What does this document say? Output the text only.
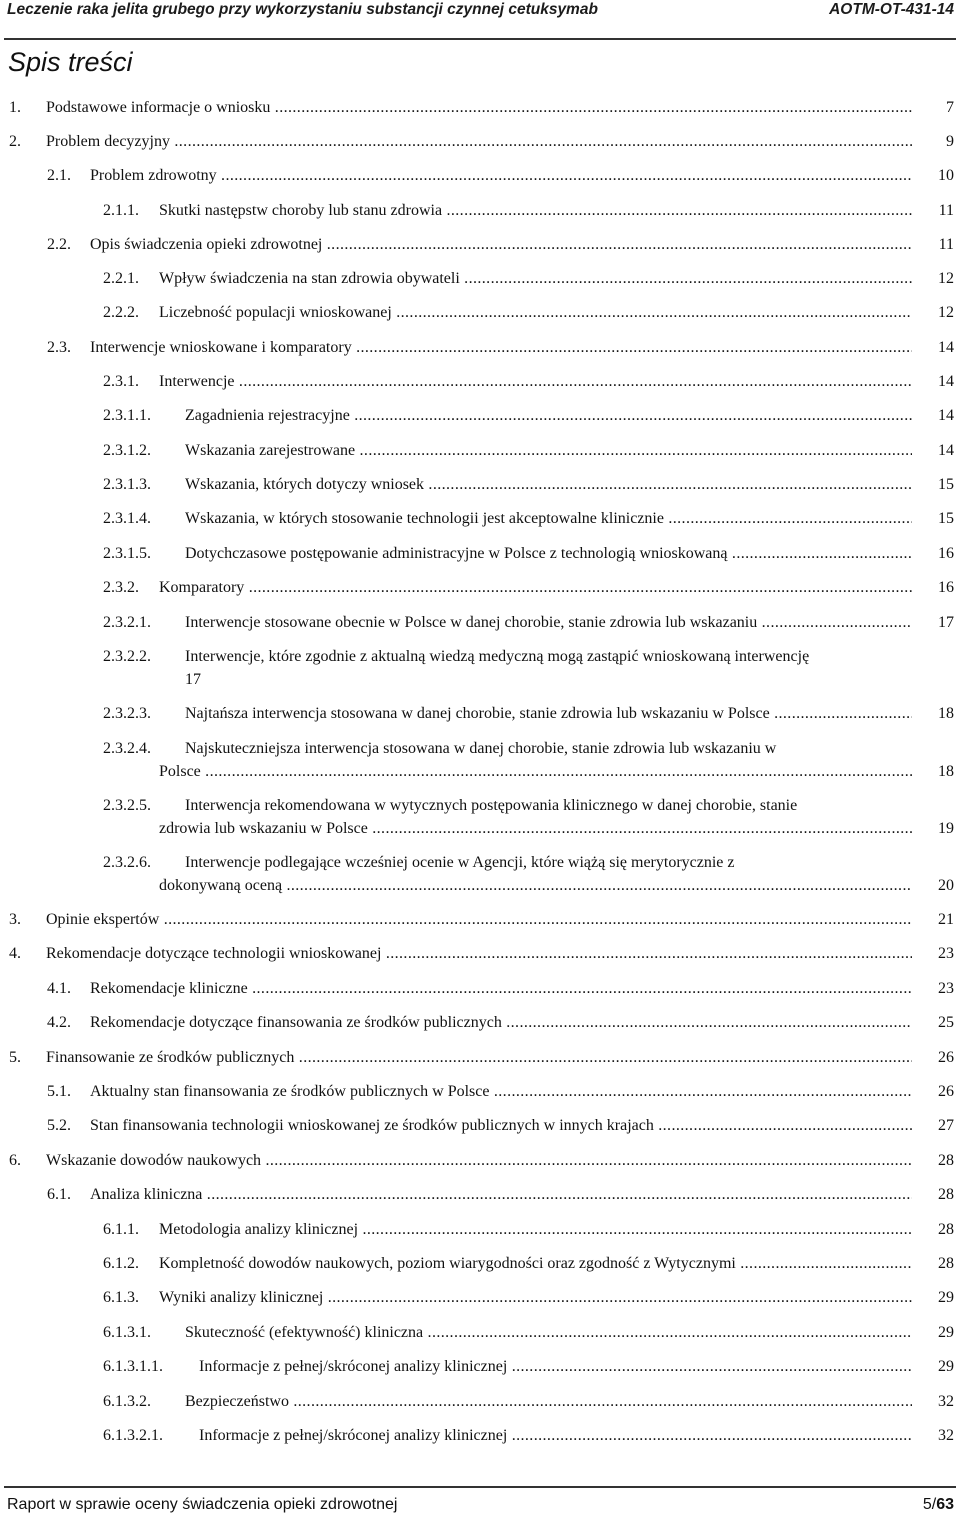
Leczenie raka jelita grubego przy wykorzystaniu substancji czynnej cetuksymab	AOTM-OT-431-14
Spis treści
1. Podstawowe informacje o wniosku .....	7
2. Problem decyzyjny .....	9
2.1. Problem zdrowotny .....	10
2.1.1. Skutki następstw choroby lub stanu zdrowia .....	11
2.2. Opis świadczenia opieki zdrowotnej .....	11
2.2.1. Wpływ świadczenia na stan zdrowia obywateli .....	12
2.2.2. Liczebność populacji wnioskowanej .....	12
2.3. Interwencje wnioskowane i komparatory .....	14
2.3.1. Interwencje .....	14
2.3.1.1. Zagadnienia rejestracyjne .....	14
2.3.1.2. Wskazania zarejestrowane .....	14
2.3.1.3. Wskazania, których dotyczy wniosek .....	15
2.3.1.4. Wskazania, w których stosowanie technologii jest akceptowalne klinicznie .....	15
2.3.1.5. Dotychczasowe postępowanie administracyjne w Polsce z technologią wnioskowaną .....	16
2.3.2. Komparatory .....	16
2.3.2.1. Interwencje stosowane obecnie w Polsce w danej chorobie, stanie zdrowia lub wskazaniu .....	17
2.3.2.2. Interwencje, które zgodnie z aktualną wiedzą medyczną mogą zastąpić wnioskowaną interwencję
17
2.3.2.3. Najtańsza interwencja stosowana w danej chorobie, stanie zdrowia lub wskazaniu w Polsce .....	18
2.3.2.4. Najskuteczniejsza interwencja stosowana w danej chorobie, stanie zdrowia lub wskazaniu w
Polsce .....	18
2.3.2.5. Interwencja rekomendowana w wytycznych postępowania klinicznego w danej chorobie, stanie
zdrowia lub wskazaniu w Polsce .....	19
2.3.2.6. Interwencje podlegające wcześniej ocenie w Agencji, które wiążą się merytorycznie z
dokonywaną oceną .....	20
3. Opinie ekspertów .....	21
4. Rekomendacje dotyczące technologii wnioskowanej .....	23
4.1. Rekomendacje kliniczne .....	23
4.2. Rekomendacje dotyczące finansowania ze środków publicznych .....	25
5. Finansowanie ze środków publicznych .....	26
5.1. Aktualny stan finansowania ze środków publicznych w Polsce .....	26
5.2. Stan finansowania technologii wnioskowanej ze środków publicznych w innych krajach .....	27
6. Wskazanie dowodów naukowych .....	28
6.1. Analiza kliniczna .....	28
6.1.1. Metodologia analizy klinicznej .....	28
6.1.2. Kompletność dowodów naukowych, poziom wiarygodności oraz zgodność z Wytycznymi .....	28
6.1.3. Wyniki analizy klinicznej .....	29
6.1.3.1. Skuteczność (efektywność) kliniczna .....	29
6.1.3.1.1. Informacje z pełnej/skróconej analizy klinicznej .....	29
6.1.3.2. Bezpieczeństwo .....	32
6.1.3.2.1. Informacje z pełnej/skróconej analizy klinicznej .....	32
Raport w sprawie oceny świadczenia opieki zdrowotnej	5/63
